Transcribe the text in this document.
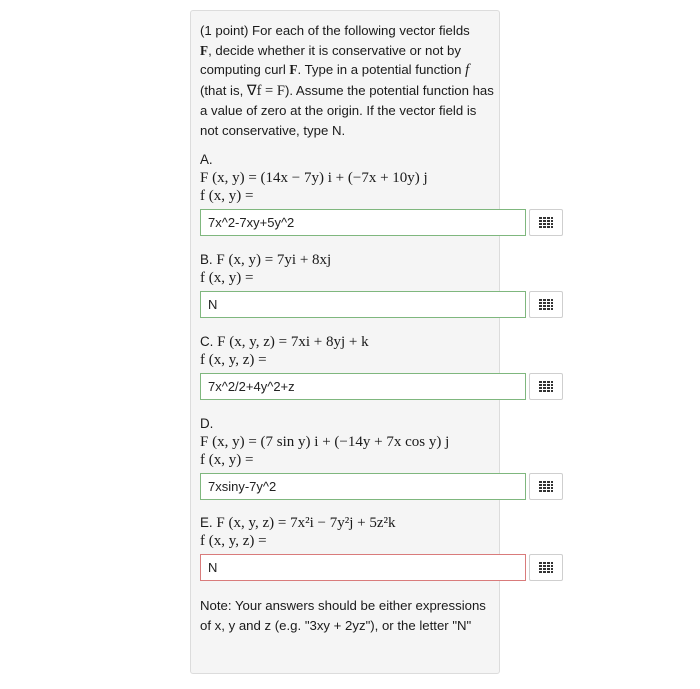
(1 point) For each of the following vector fields
F, decide whether it is conservative or not by computing curl F. Type in a potential function f (that is, ∇f = F). Assume the potential function has a value of zero at the origin. If the vector field is not conservative, type N.

A.

F (x, y) = (14x − 7y) i + (−7x + 10y) j

f (x, y) =

7x^2-7xy+5y^2

B. F (x, y) = 7yi + 8xj

f (x, y) =

N

C. F (x, y, z) = 7xi + 8yj + k

f (x, y, z) =

7x^2/2+4y^2+z

D.

F (x, y) = (7 sin y) i + (−14y + 7x cos y) j

f (x, y) =

7xsiny-7y^2

E. F (x, y, z) = 7x²i − 7y²j + 5z²k

f (x, y, z) =

N

Note: Your answers should be either expressions of x, y and z (e.g. "3xy + 2yz"), or the letter "N"
